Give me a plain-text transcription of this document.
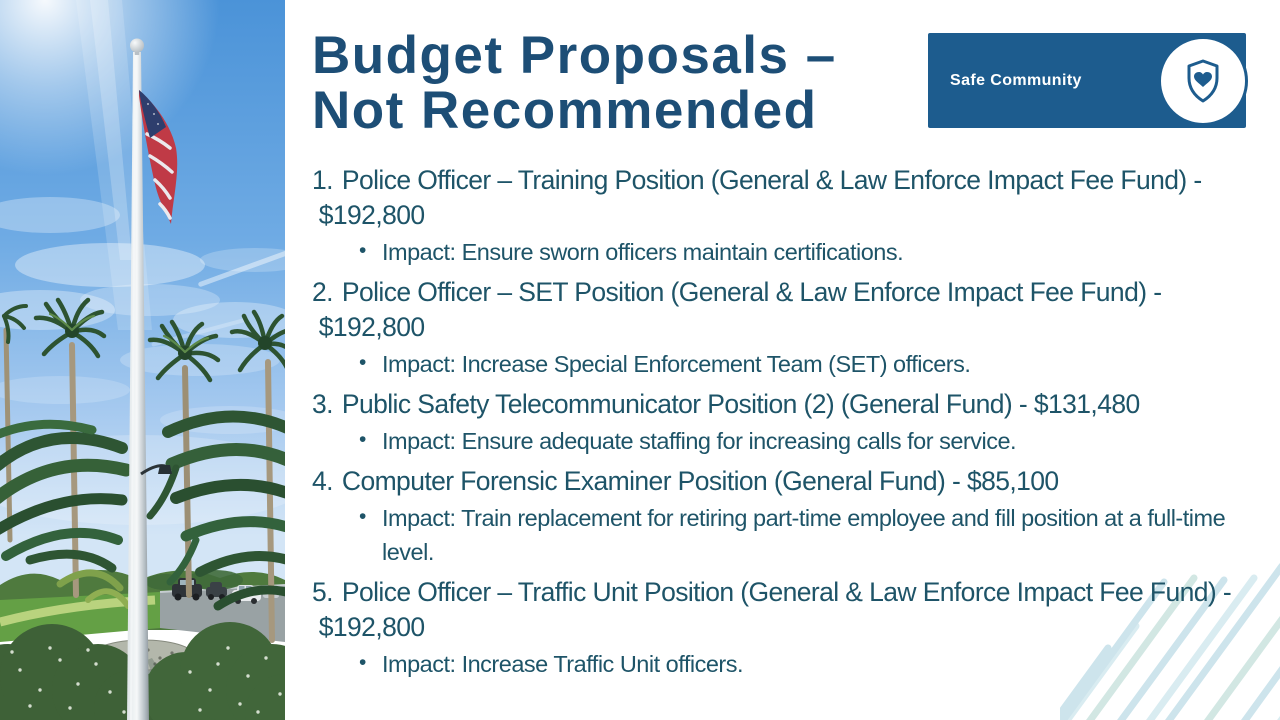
Budget Proposals –
Not Recommended
Safe Community
1. Police Officer – Training Position (General & Law Enforce Impact Fee Fund) - $192,800
• Impact: Ensure sworn officers maintain certifications.
2. Police Officer – SET Position (General & Law Enforce Impact Fee Fund) - $192,800
• Impact: Increase Special Enforcement Team (SET) officers.
3. Public Safety Telecommunicator Position (2) (General Fund) - $131,480
• Impact: Ensure adequate staffing for increasing calls for service.
4. Computer Forensic Examiner Position (General Fund) - $85,100
• Impact: Train replacement for retiring part-time employee and fill position at a full-time level.
5. Police Officer – Traffic Unit Position (General & Law Enforce Impact Fee Fund) - $192,800
• Impact: Increase Traffic Unit officers.
